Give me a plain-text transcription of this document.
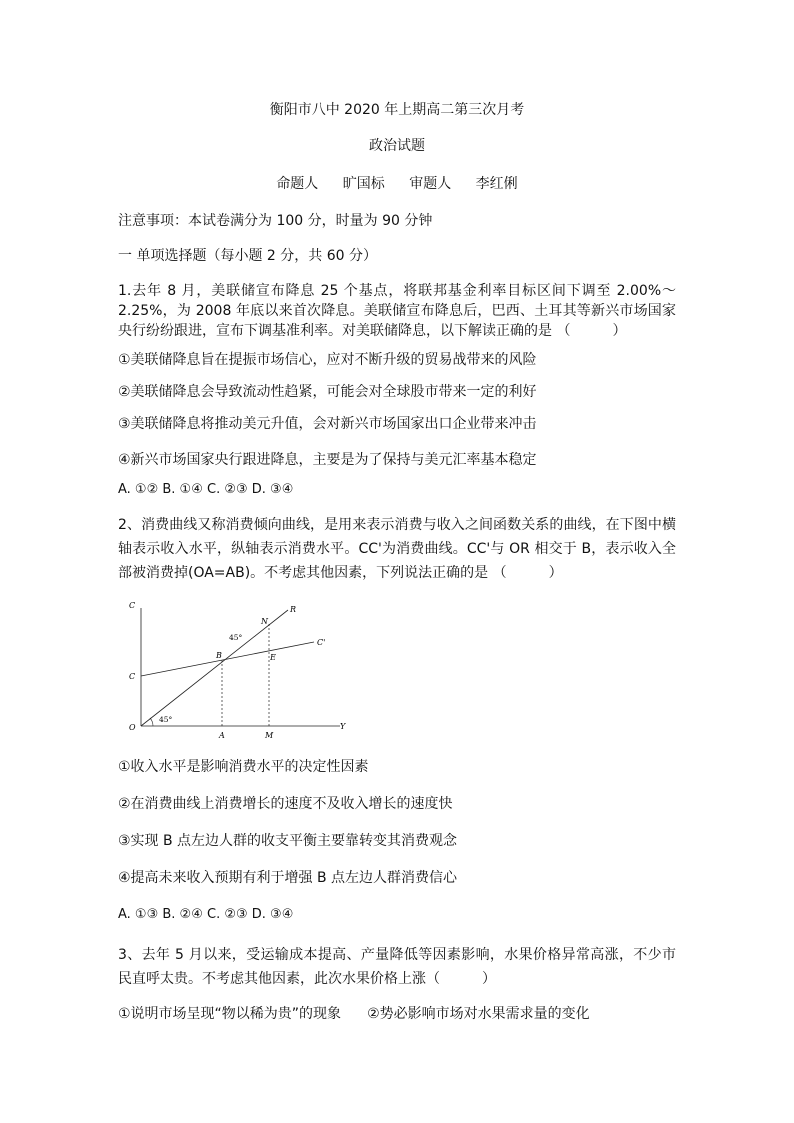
衡阳市八中 2020 年上期高二第三次月考
政治试题
命题人 旷国标 审题人 李红俐
注意事项：本试卷满分为 100 分，时量为 90 分钟
一 单项选择题（每小题 2 分，共 60 分）
1.去年 8 月，美联储宣布降息 25 个基点，将联邦基金利率目标区间下调至 2.00%～2.25%，为 2008 年底以来首次降息。美联储宣布降息后，巴西、土耳其等新兴市场国家央行纷纷跟进，宣布下调基准利率。对美联储降息，以下解读正确的是 （　　　）
①美联储降息旨在提振市场信心，应对不断升级的贸易战带来的风险
②美联储降息会导致流动性趋紧，可能会对全球股市带来一定的利好
③美联储降息将推动美元升值，会对新兴市场国家出口企业带来冲击
④新兴市场国家央行跟进降息，主要是为了保持与美元汇率基本稳定
A. ①② B. ①④ C. ②③ D. ③④
2、消费曲线又称消费倾向曲线，是用来表示消费与收入之间函数关系的曲线，在下图中横轴表示收入水平，纵轴表示消费水平。CC'为消费曲线。CC'与 OR 相交于 B，表示收入全部被消费掉(OA=AB)。不考虑其他因素，下列说法正确的是 （　　　）
C
Y
O
C
R
C'
B
N
E
A	M
45°
45°
①收入水平是影响消费水平的决定性因素
②在消费曲线上消费增长的速度不及收入增长的速度快
③实现 B 点左边人群的收支平衡主要靠转变其消费观念
④提高未来收入预期有利于增强 B 点左边人群消费信心
A. ①③ B. ②④ C. ②③ D. ③④
3、去年 5 月以来，受运输成本提高、产量降低等因素影响，水果价格异常高涨，不少市民直呼太贵。不考虑其他因素，此次水果价格上涨（　　　）
①说明市场呈现“物以稀为贵”的现象 ②势必影响市场对水果需求量的变化
